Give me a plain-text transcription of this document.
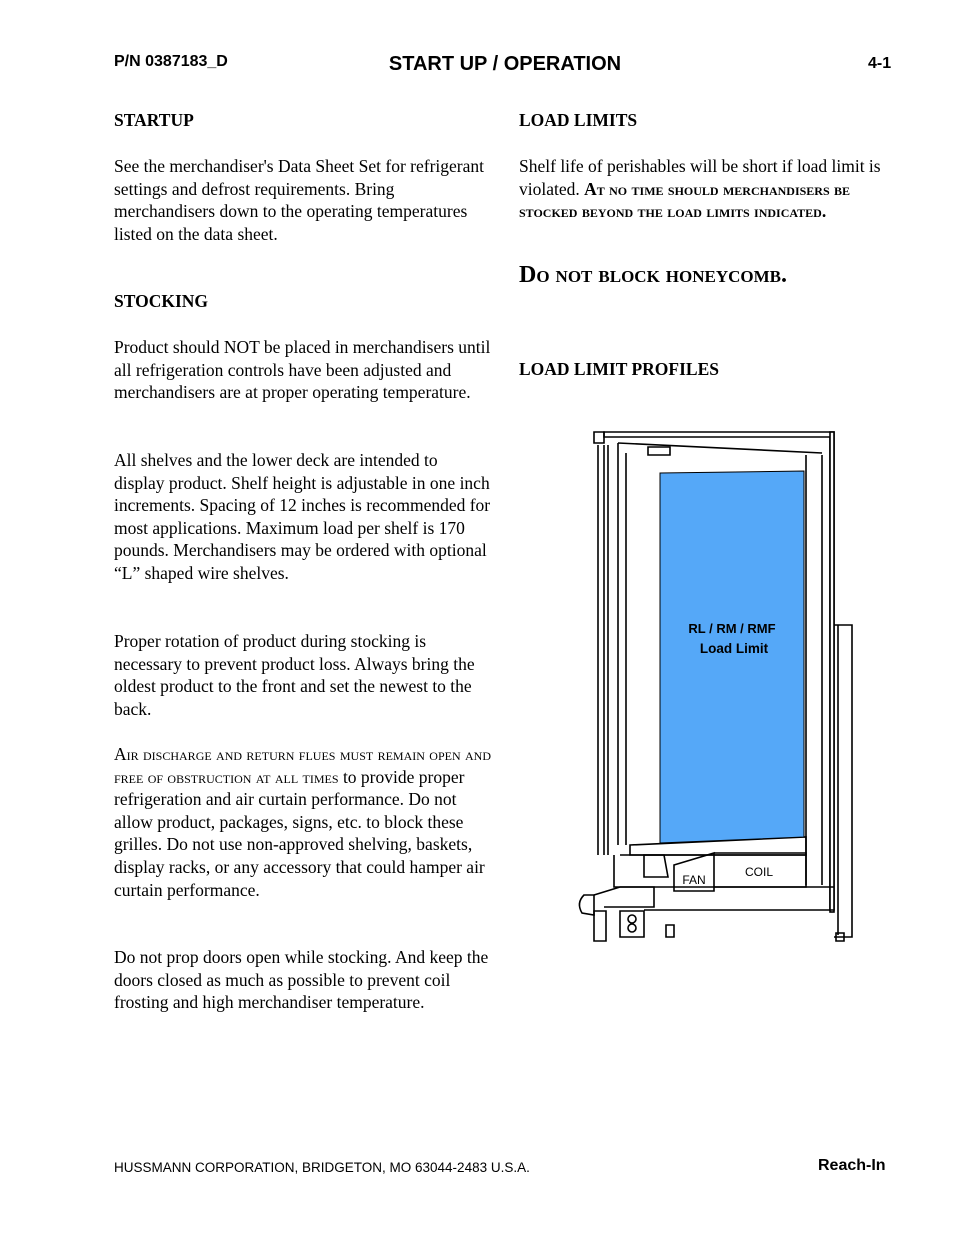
P/N 0387183_D	START UP / OPERATION	4-1
STARTUP

See the merchandiser's Data Sheet Set for refrigerant settings and defrost requirements. Bring merchandisers down to the operating temperatures listed on the data sheet.

STOCKING

Product should NOT be placed in merchandisers until all refrigeration controls have been adjusted and merchandisers are at proper operating temperature.

All shelves and the lower deck are intended to display product. Shelf height is adjustable in one inch increments. Spacing of 12 inches is recommended for most applications. Maximum load per shelf is 170 pounds. Merchandisers may be ordered with optional “L” shaped wire shelves.

Proper rotation of product during stocking is necessary to prevent product loss. Always bring the oldest product to the front and set the newest to the back.

Air discharge and return flues must remain open and free of obstruction at all times to provide proper refrigeration and air curtain performance. Do not allow product, packages, signs, etc. to block these grilles. Do not use non-approved shelving, baskets, display racks, or any accessory that could hamper air curtain performance.

Do not prop doors open while stocking. And keep the doors closed as much as possible to prevent coil frosting and high merchandiser temperature.

LOAD LIMITS

Shelf life of perishables will be short if load limit is violated. At no time should merchandisers be stocked beyond the load limits indicated.

Do not block honeycomb.
LOAD LIMIT PROFILES
RL / RM / RMF
Load Limit
FAN
COIL
HUSSMANN CORPORATION, BRIDGETON, MO 63044-2483 U.S.A.	Reach-In
